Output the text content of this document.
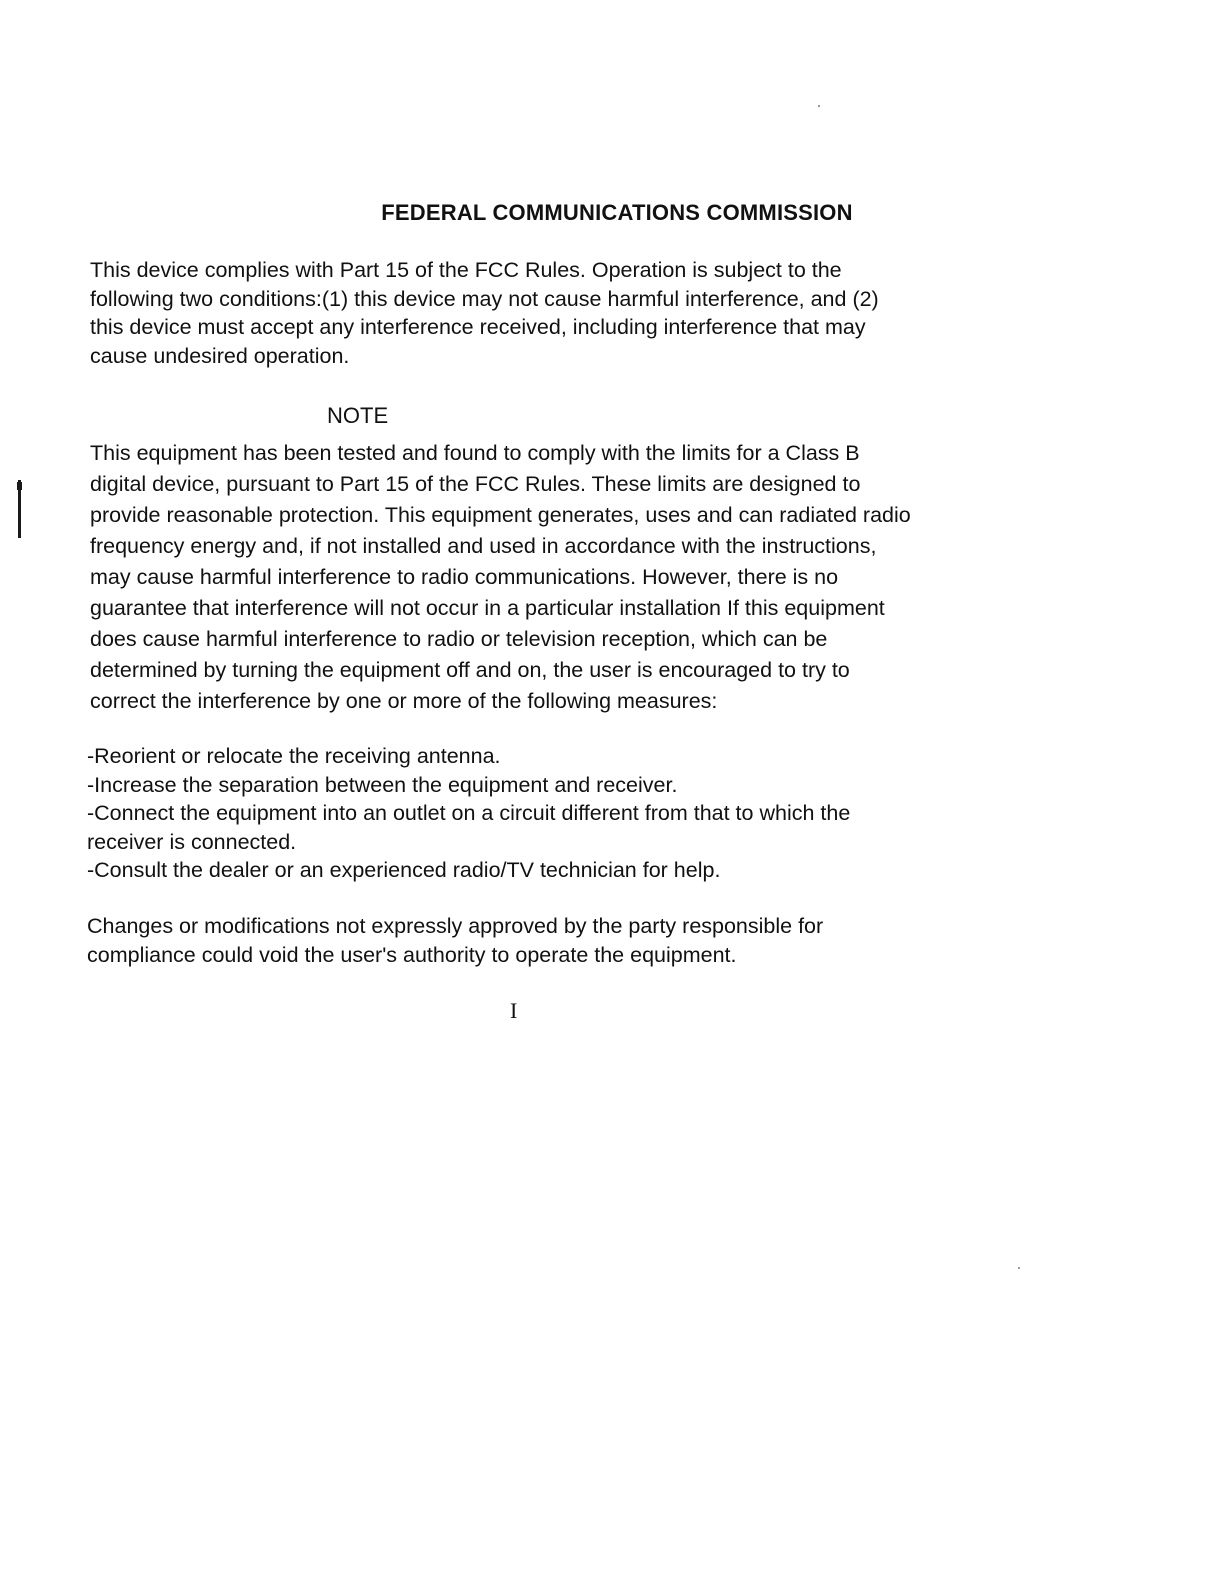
FEDERAL COMMUNICATIONS COMMISSION

This device complies with Part 15 of the FCC Rules. Operation is subject to the
following two conditions:(1) this device may not cause harmful interference, and (2)
this device must accept any interference received, including interference that may
cause undesired operation.

NOTE

This equipment has been tested and found to comply with the limits for a Class B
digital device, pursuant to Part 15 of the FCC Rules. These limits are designed to
provide reasonable protection. This equipment generates, uses and can radiated radio
frequency energy and, if not installed and used in accordance with the instructions,
may cause harmful interference to radio communications. However, there is no
guarantee that interference will not occur in a particular installation If this equipment
does cause harmful interference to radio or television reception, which can be
determined by turning the equipment off and on, the user is encouraged to try to
correct the interference by one or more of the following measures:

-Reorient or relocate the receiving antenna.
-Increase the separation between the equipment and receiver.
-Connect the equipment into an outlet on a circuit different from that to which the
receiver is connected.
-Consult the dealer or an experienced radio/TV technician for help.

Changes or modifications not expressly approved by the party responsible for
compliance could void the user's authority to operate the equipment.

I
